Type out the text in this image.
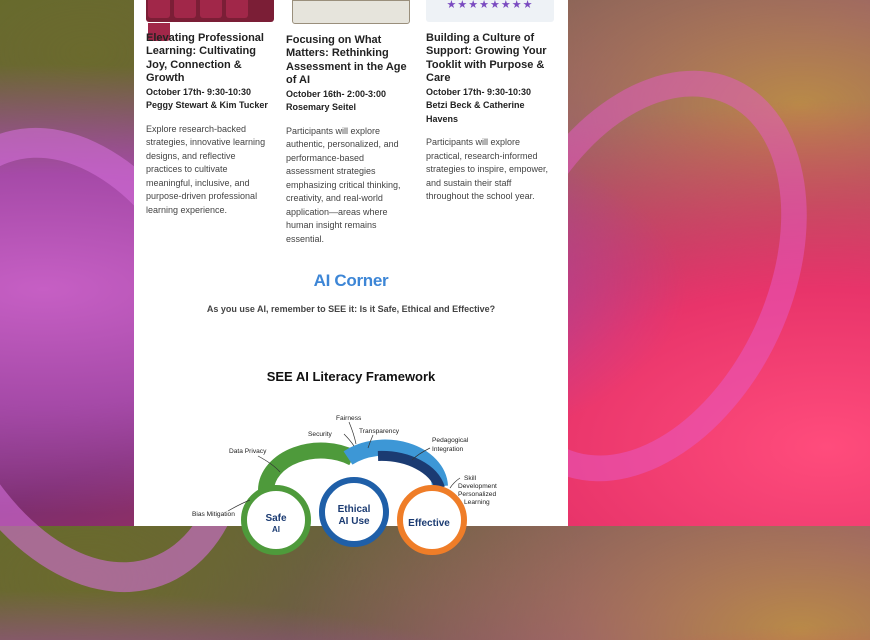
Elevating Professional Learning: Cultivating Joy, Connection & Growth
October 17th- 9:30-10:30
Peggy Stewart & Kim Tucker
Explore research-backed strategies, innovative learning designs, and reflective practices to cultivate meaningful, inclusive, and purpose-driven professional learning experience.
Focusing on What Matters: Rethinking Assessment in the Age of AI
October 16th- 2:00-3:00
Rosemary Seitel
Participants will explore authentic, personalized, and performance-based assessment strategies emphasizing critical thinking, creativity, and real-world application—areas where human insight remains essential.
★★★★★★★★
Building a Culture of Support: Growing Your Tooklit with Purpose & Care
October 17th- 9:30-10:30
Betzi Beck & Catherine Havens
Participants will explore practical, research-informed strategies to inspire, empower, and sustain their staff throughout the school year.
AI Corner
As you use AI, remember to SEE it: Is it Safe, Ethical and Effective?
SEE AI Literacy Framework
Safe
AI
Ethical
AI Use	Effective
Fairness
Security	Transparency
Data Privacy
Pedagogical
Integration
Skill
Development
Personalized
Learning
Bias Mitigation
